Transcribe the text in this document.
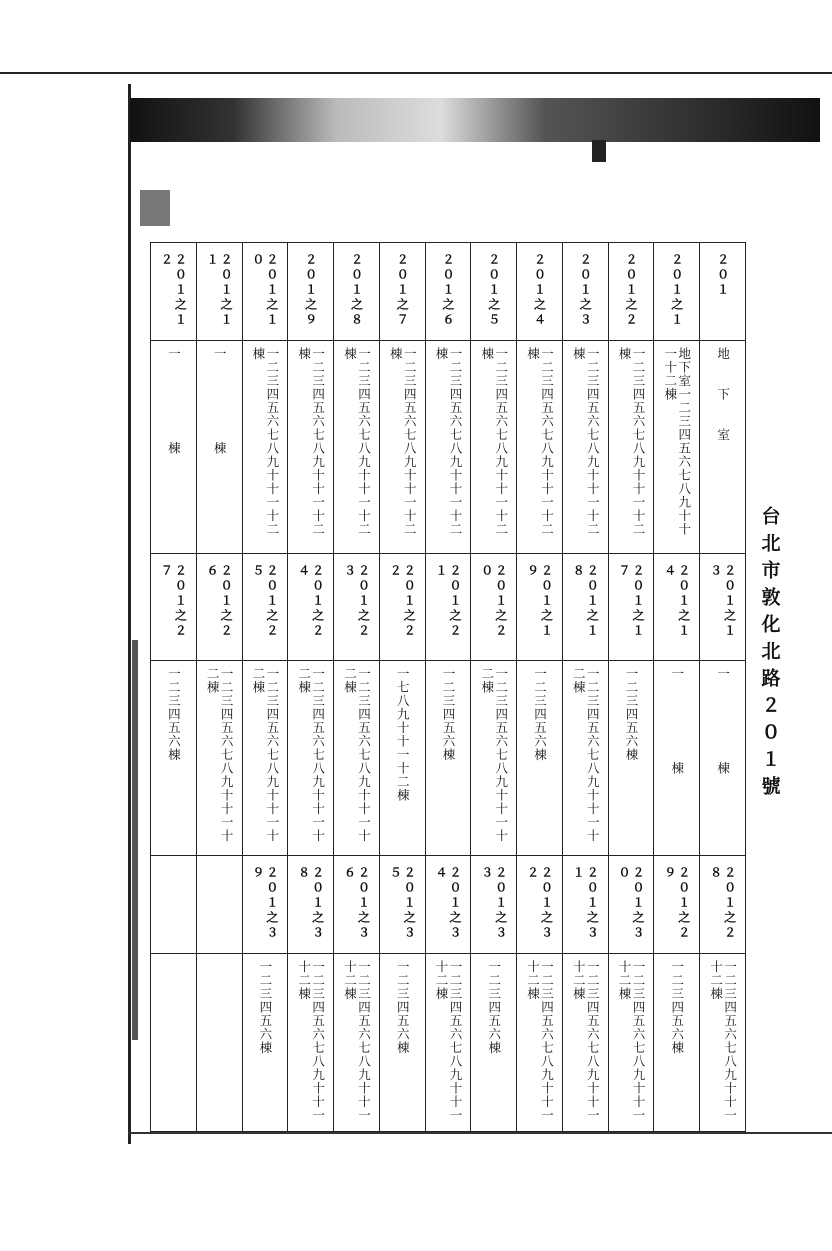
台北市敦化北路２０１號
２０１之１２	２０１之１１	２０１之１０	２０１之９	２０１之８	２０１之７	２０１之６	２０１之５	２０１之４	２０１之３	２０１之２	２０１之１	２０１

一　　　　　　棟	一　　　　　　棟	一二三四五六七八九十十一十二棟	一二三四五六七八九十十一十二棟	一二三四五六七八九十十一十二棟	一二三四五六七八九十十一十二棟	一二三四五六七八九十十一十二棟	一二三四五六七八九十十一十二棟	一二三四五六七八九十十一十二棟	一二三四五六七八九十十一十二棟	一二三四五六七八九十十一十二棟	地下室一二三四五六七八九十十一十二棟	地　　下　　室

２０１之２７	２０１之２６	２０１之２５	２０１之２４	２０１之２３	２０１之２２	２０１之２１	２０１之２０	２０１之１９	２０１之１８	２０１之１７	２０１之１４	２０１之１３

一二三四五六棟	一二三四五六七八九十十一十二棟	一二三四五六七八九十十一十二棟	一二三四五六七八九十十一十二棟	一二三四五六七八九十十一十二棟	一七八九十十一十二棟	一二三四五六棟	一二三四五六七八九十十一十二棟	一二三四五六棟	一二三四五六七八九十十一十二棟	一二三四五六棟	一　　　　　　棟	一　　　　　　棟

		２０１之３９	２０１之３８	２０１之３６	２０１之３５	２０１之３４	２０１之３３	２０１之３２	２０１之３１	２０１之３０	２０１之２９	２０１之２８

		一二三四五六棟	一二三四五六七八九十十一十二棟	一二三四五六七八九十十一十二棟	一二三四五六棟	一二三四五六七八九十十一十二棟	一二三四五六棟	一二三四五六七八九十十一十二棟	一二三四五六七八九十十一十二棟	一二三四五六七八九十十一十二棟	一二三四五六棟	一二三四五六七八九十十一十二棟
